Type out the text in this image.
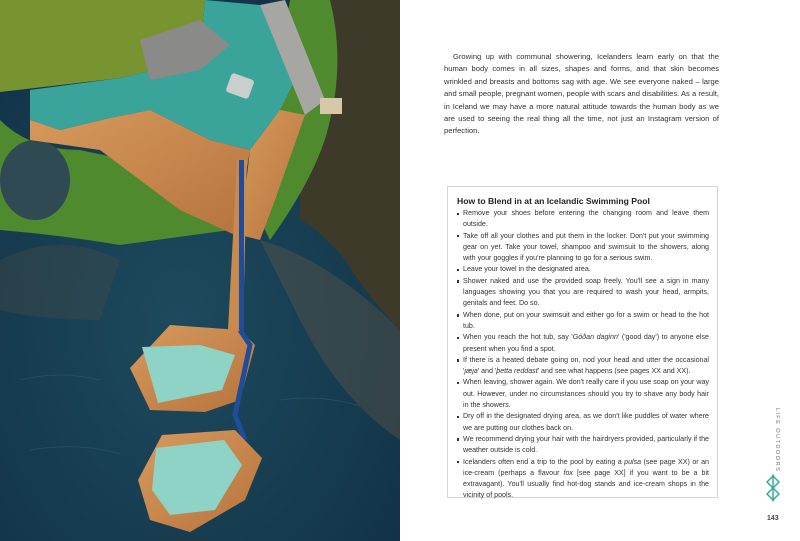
Growing up with communal showering, Icelanders learn early on that the human body comes in all sizes, shapes and forms, and that skin becomes wrinkled and breasts and bottoms sag with age. We see everyone naked – large and small people, pregnant women, people with scars and disabilities. As a result, in Iceland we may have a more natural attitude towards the human body as we are used to seeing the real thing all the time, not just an Instagram version of perfection.

How to Blend in at an Icelandic Swimming Pool
Remove your shoes before entering the changing room and leave them outside.
Take off all your clothes and put them in the locker. Don't put your swimming gear on yet. Take your towel, shampoo and swimsuit to the showers, along with your goggles if you're planning to go for a serious swim.
Leave your towel in the designated area.
Shower naked and use the provided soap freely. You'll see a sign in many languages showing you that you are required to wash your head, armpits, genitals and feet. Do so.
When done, put on your swimsuit and either go for a swim or head to the hot tub.
When you reach the hot tub, say 'Góðan daginn' ('good day') to anyone else present when you find a spot.
If there is a heated debate going on, nod your head and utter the occasional 'jæja' and 'þetta reddast' and see what happens (see pages XX and XX).
When leaving, shower again. We don't really care if you use soap on your way out. However, under no circumstances should you try to shave any body hair in the showers.
Dry off in the designated drying area, as we don't like puddles of water where we are putting our clothes back on.
We recommend drying your hair with the hairdryers provided, particularly if the weather outside is cold.
Icelanders often end a trip to the pool by eating a pulsa (see page XX) or an ice-cream (perhaps a flavour fox [see page XX] if you want to be a bit extravagant). You'll usually find hot-dog stands and ice-cream shops in the vicinity of pools.
LIFE OUTDOORS
143
